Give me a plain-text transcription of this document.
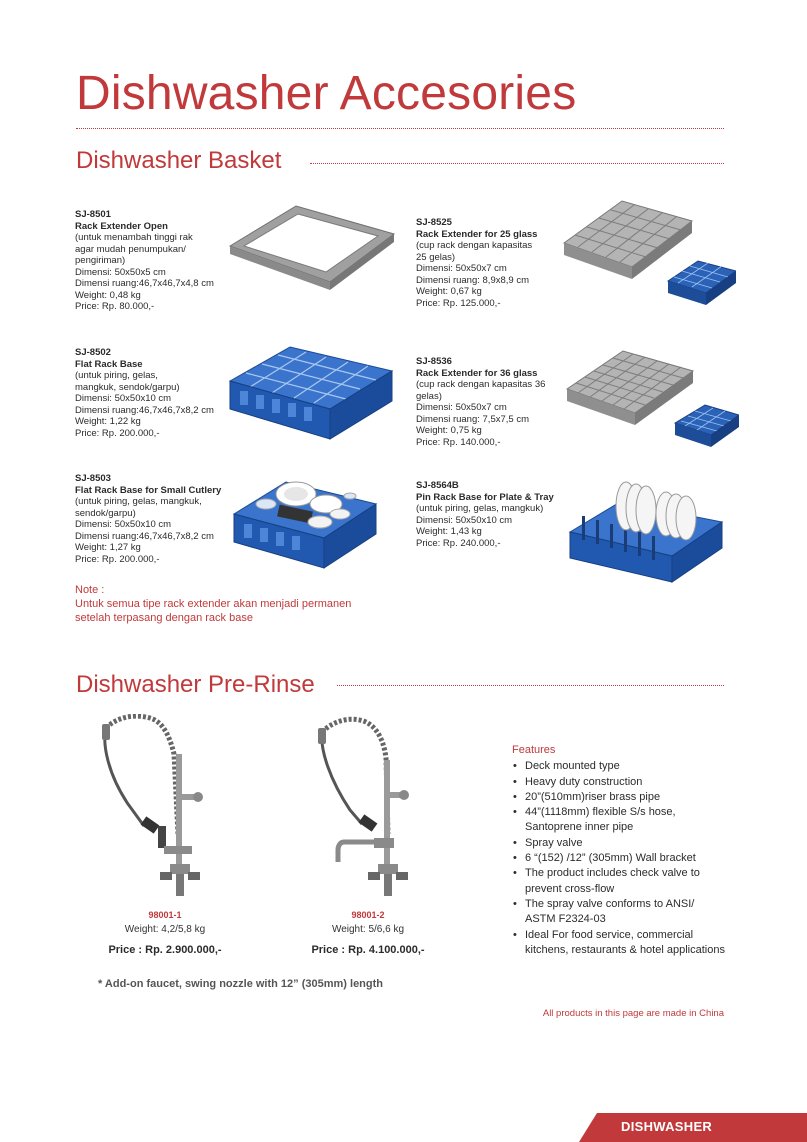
Dishwasher Accesories
Dishwasher Basket
SJ-8501
Rack Extender Open
(untuk menambah tinggi rak
agar mudah penumpukan/
pengiriman)
Dimensi: 50x50x5 cm
Dimensi ruang:46,7x46,7x4,8 cm
Weight: 0,48 kg
Price: Rp. 80.000,-
SJ-8525
Rack Extender for 25 glass
(cup rack dengan kapasitas
25 gelas)
Dimensi: 50x50x7 cm
Dimensi ruang: 8,9x8,9 cm
Weight: 0,67 kg
Price: Rp. 125.000,-
SJ-8502
Flat Rack Base
(untuk piring, gelas,
mangkuk, sendok/garpu)
Dimensi: 50x50x10 cm
Dimensi ruang:46,7x46,7x8,2 cm
Weight: 1,22 kg
Price: Rp. 200.000,-
SJ-8536
Rack Extender for 36 glass
(cup rack dengan kapasitas 36
gelas)
Dimensi: 50x50x7 cm
Dimensi ruang: 7,5x7,5 cm
Weight: 0,75 kg
Price: Rp. 140.000,-
SJ-8503
Flat Rack Base for Small Cutlery
(untuk piring, gelas, mangkuk,
sendok/garpu)
Dimensi: 50x50x10 cm
Dimensi ruang:46,7x46,7x8,2 cm
Weight: 1,27 kg
Price: Rp. 200.000,-
SJ-8564B
Pin Rack Base for Plate & Tray
(untuk piring, gelas, mangkuk)
Dimensi: 50x50x10 cm
Weight: 1,43 kg
Price: Rp. 240.000,-
Note :
Untuk semua tipe rack extender akan menjadi permanen
setelah terpasang dengan rack base
Dishwasher Pre-Rinse
98001-1
Weight: 4,2/5,8 kg
Price : Rp. 2.900.000,-
98001-2
Weight: 5/6,6 kg
Price : Rp. 4.100.000,-
* Add-on faucet, swing nozzle with 12” (305mm) length
Features
• Deck mounted type
• Heavy duty construction
• 20”(510mm)riser brass pipe
• 44”(1118mm) flexible S/s hose, Santoprene inner pipe
• Spray valve
• 6 “(152) /12” (305mm) Wall bracket
• The product includes check valve to prevent cross-flow
• The spray valve conforms to ANSI/ ASTM F2324-03
• Ideal For food service, commercial kitchens, restaurants & hotel applications
All products in this page are made in China
DISHWASHER
